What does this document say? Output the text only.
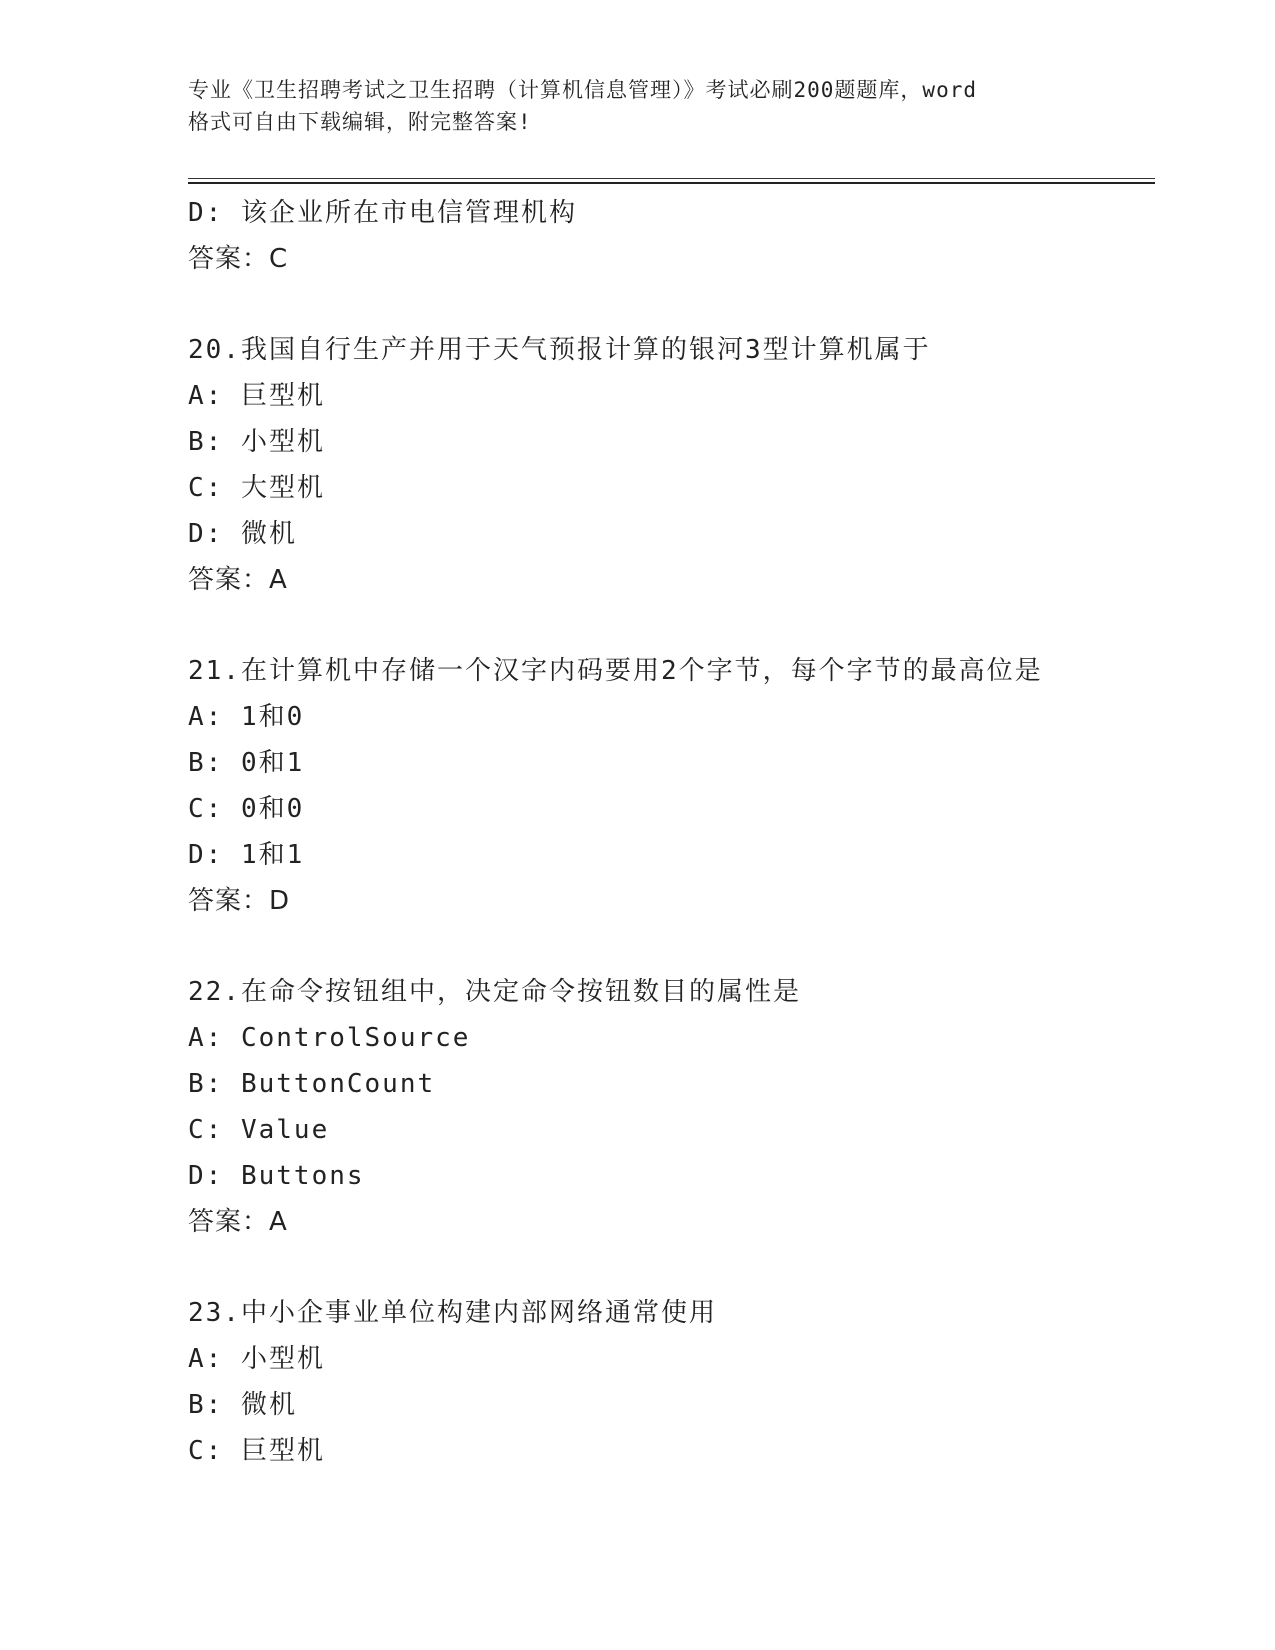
专业《卫生招聘考试之卫生招聘（计算机信息管理）》考试必刷200题题库，word
格式可自由下载编辑，附完整答案!
D: 该企业所在市电信管理机构
答案：C
20.我国自行生产并用于天气预报计算的银河3型计算机属于
A: 巨型机
B: 小型机
C: 大型机
D: 微机
答案：A
21.在计算机中存储一个汉字内码要用2个字节，每个字节的最高位是
A: 1和0
B: 0和1
C: 0和0
D: 1和1
答案：D
22.在命令按钮组中，决定命令按钮数目的属性是
A: ControlSource
B: ButtonCount
C: Value
D: Buttons
答案：A
23.中小企事业单位构建内部网络通常使用
A: 小型机
B: 微机
C: 巨型机
